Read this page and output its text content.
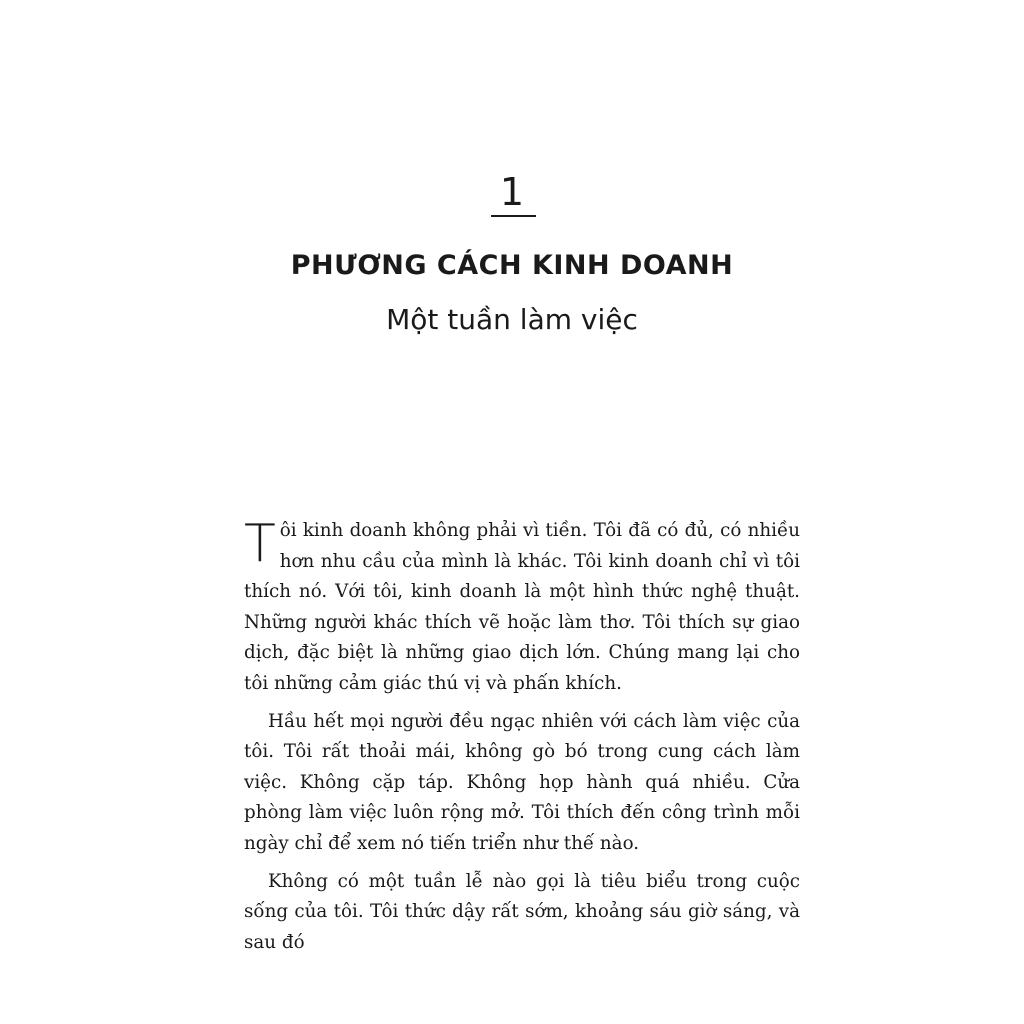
1
PHƯƠNG CÁCH KINH DOANH
Một tuần làm việc

Tôi kinh doanh không phải vì tiền. Tôi đã có đủ, có nhiều hơn nhu cầu của mình là khác. Tôi kinh doanh chỉ vì tôi thích nó. Với tôi, kinh doanh là một hình thức nghệ thuật. Những người khác thích vẽ hoặc làm thơ. Tôi thích sự giao dịch, đặc biệt là những giao dịch lớn. Chúng mang lại cho tôi những cảm giác thú vị và phấn khích.

Hầu hết mọi người đều ngạc nhiên với cách làm việc của tôi. Tôi rất thoải mái, không gò bó trong cung cách làm việc. Không cặp táp. Không họp hành quá nhiều. Cửa phòng làm việc luôn rộng mở. Tôi thích đến công trình mỗi ngày chỉ để xem nó tiến triển như thế nào.

Không có một tuần lễ nào gọi là tiêu biểu trong cuộc sống của tôi. Tôi thức dậy rất sớm, khoảng sáu giờ sáng, và sau đó
